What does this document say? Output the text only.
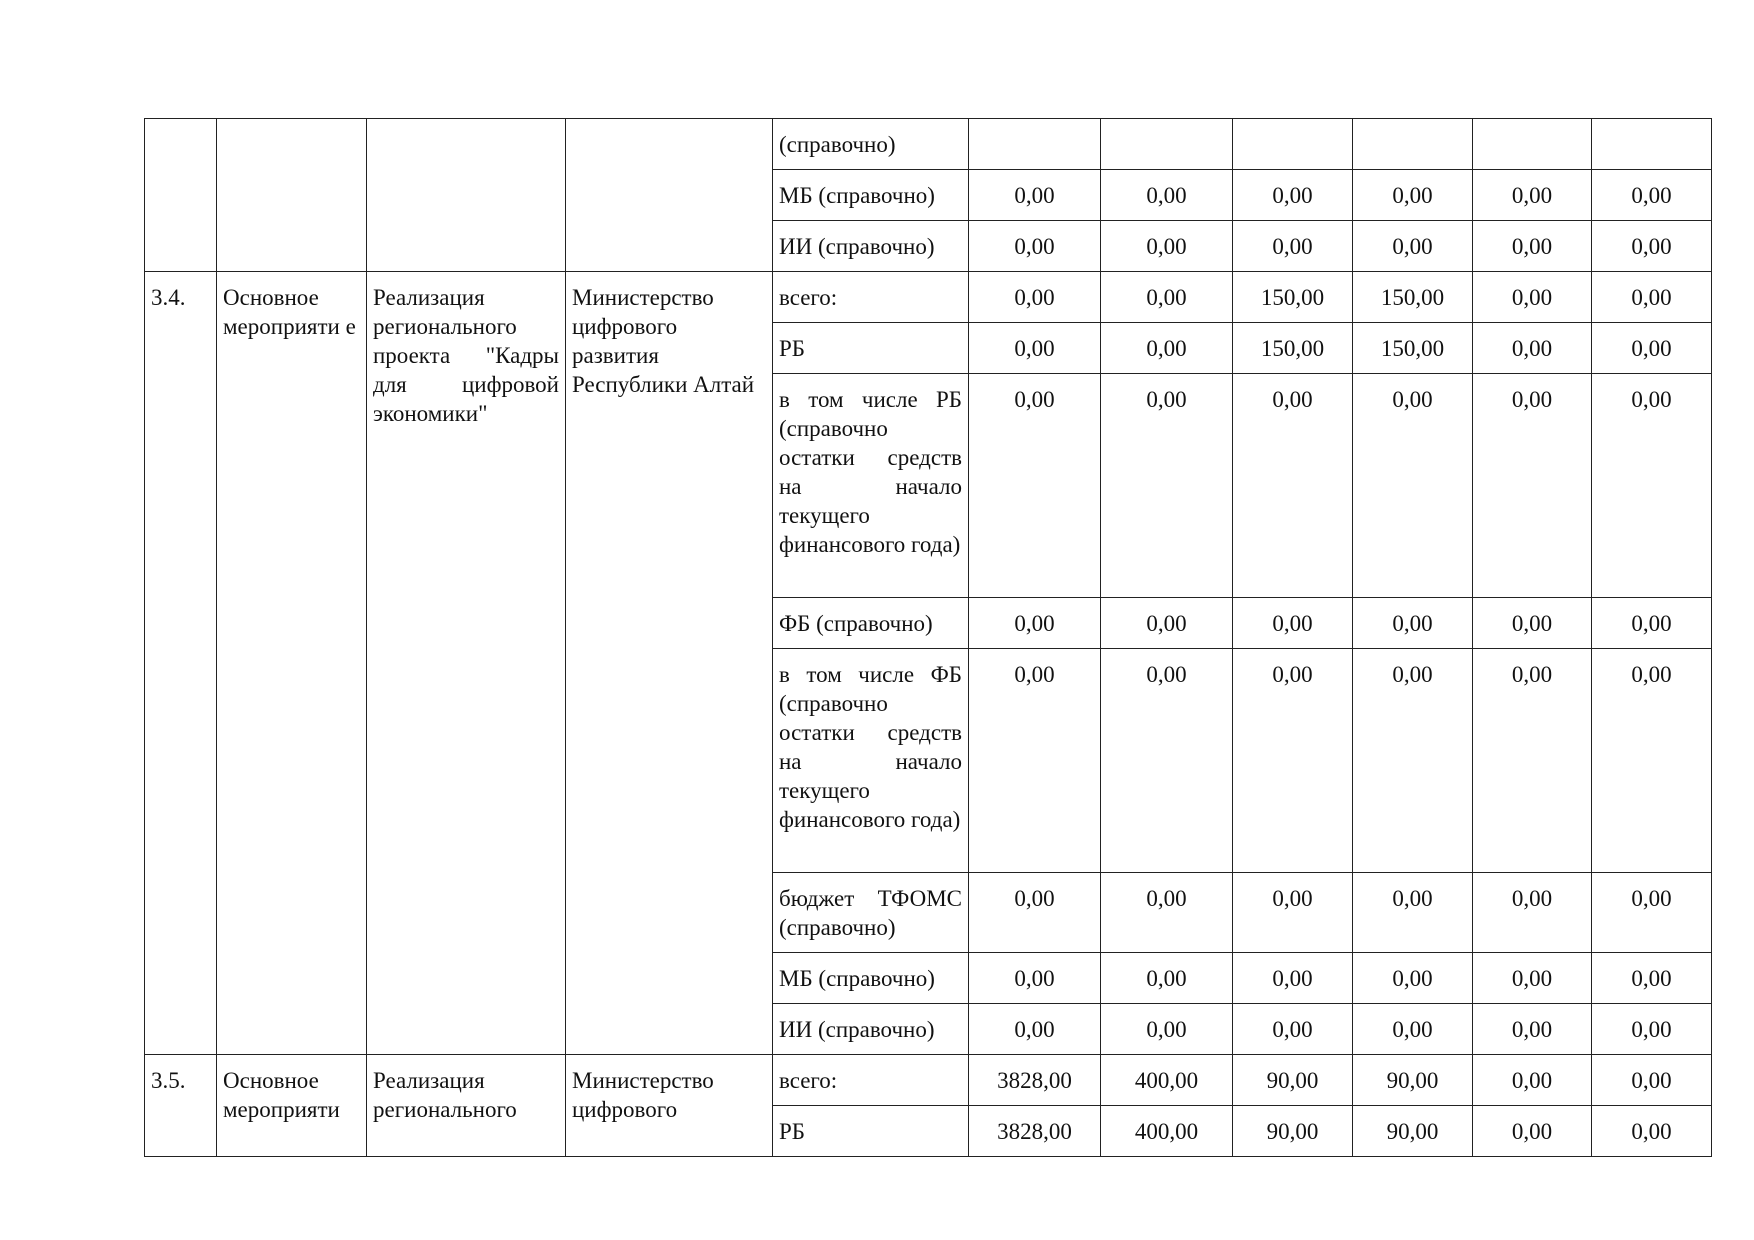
				(справочно)						
				МБ (справочно)	0,00	0,00	0,00	0,00	0,00	0,00
				ИИ (справочно)	0,00	0,00	0,00	0,00	0,00	0,00
3.4.	Основное мероприяти е	Реализация регионального проекта "Кадры для цифровой экономики"	Министерство цифрового развития Республики Алтай	всего:	0,00	0,00	150,00	150,00	0,00	0,00
				РБ	0,00	0,00	150,00	150,00	0,00	0,00
				в том числе РБ (справочно остатки средств на начало текущего финансового года)	0,00	0,00	0,00	0,00	0,00	0,00
				ФБ (справочно)	0,00	0,00	0,00	0,00	0,00	0,00
				в том числе ФБ (справочно остатки средств на начало текущего финансового года)	0,00	0,00	0,00	0,00	0,00	0,00
				бюджет ТФОМС (справочно)	0,00	0,00	0,00	0,00	0,00	0,00
				МБ (справочно)	0,00	0,00	0,00	0,00	0,00	0,00
				ИИ (справочно)	0,00	0,00	0,00	0,00	0,00	0,00
3.5.	Основное мероприяти	Реализация регионального	Министерство цифрового	всего:	3828,00	400,00	90,00	90,00	0,00	0,00
				РБ	3828,00	400,00	90,00	90,00	0,00	0,00
